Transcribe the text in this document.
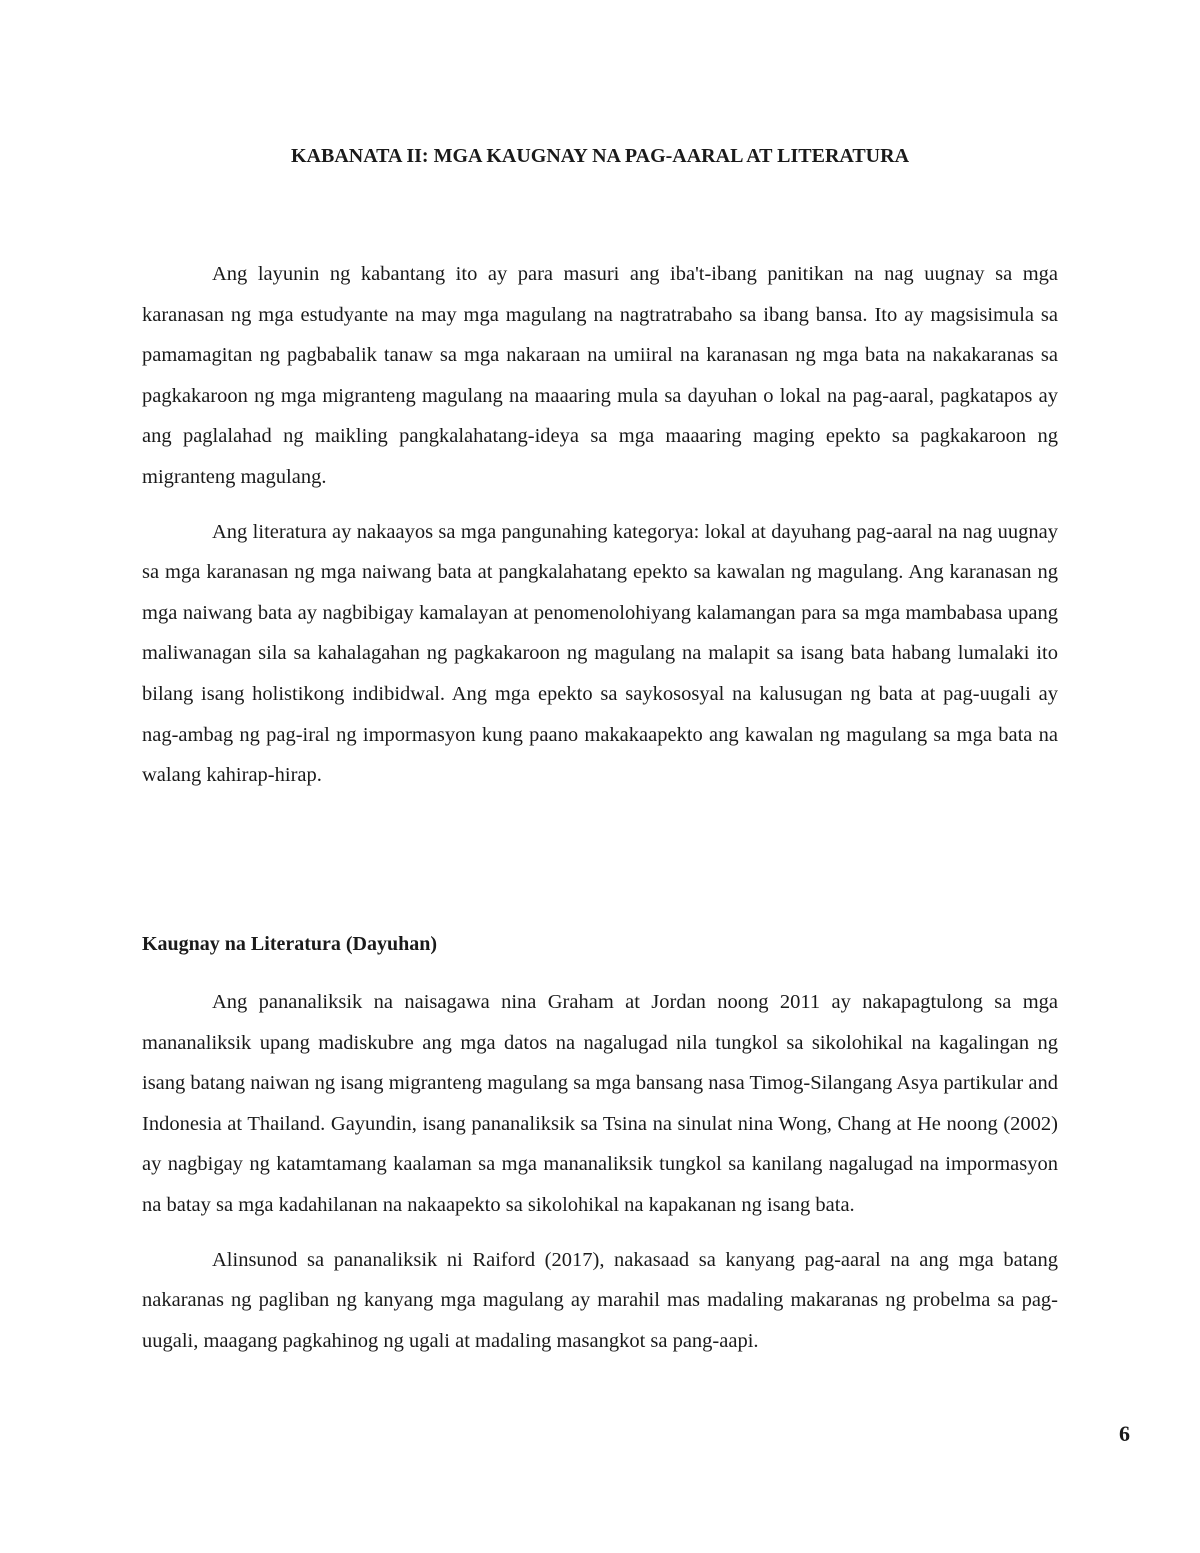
KABANATA II: MGA KAUGNAY NA PAG-AARAL AT LITERATURA

Ang layunin ng kabantang ito ay para masuri ang iba't-ibang panitikan na nag uugnay sa mga karanasan ng mga estudyante na may mga magulang na nagtratrabaho sa ibang bansa. Ito ay magsisimula sa pamamagitan ng pagbabalik tanaw sa mga nakaraan na umiiral na karanasan ng mga bata na nakakaranas sa pagkakaroon ng mga migranteng magulang na maaaring mula sa dayuhan o lokal na pag-aaral, pagkatapos ay ang paglalahad ng maikling pangkalahatang-ideya sa mga maaaring maging epekto sa pagkakaroon ng migranteng magulang.

Ang literatura ay nakaayos sa mga pangunahing kategorya: lokal at dayuhang pag-aaral na nag uugnay sa mga karanasan ng mga naiwang bata at pangkalahatang epekto sa kawalan ng magulang. Ang karanasan ng mga naiwang bata ay nagbibigay kamalayan at penomenolohiyang kalamangan para sa mga mambabasa upang maliwanagan sila sa kahalagahan ng pagkakaroon ng magulang na malapit sa isang bata habang lumalaki ito bilang isang holistikong indibidwal. Ang mga epekto sa saykososyal na kalusugan ng bata at pag-uugali ay nag-ambag ng pag-iral ng impormasyon kung paano makakaapekto ang kawalan ng magulang sa mga bata na walang kahirap-hirap.

Kaugnay na Literatura (Dayuhan)

Ang pananaliksik na naisagawa nina Graham at Jordan noong 2011 ay nakapagtulong sa mga mananaliksik upang madiskubre ang mga datos na nagalugad nila tungkol sa sikolohikal na kagalingan ng isang batang naiwan ng isang migranteng magulang sa mga bansang nasa Timog-Silangang Asya partikular and Indonesia at Thailand. Gayundin, isang pananaliksik sa Tsina na sinulat nina Wong, Chang at He noong (2002) ay nagbigay ng katamtamang kaalaman sa mga mananaliksik tungkol sa kanilang nagalugad na impormasyon na batay sa mga kadahilanan na nakaapekto sa sikolohikal na kapakanan ng isang bata.

Alinsunod sa pananaliksik ni Raiford (2017), nakasaad sa kanyang pag-aaral na ang mga batang nakaranas ng pagliban ng kanyang mga magulang ay marahil mas madaling makaranas ng probelma sa pag-uugali, maagang pagkahinog ng ugali at madaling masangkot sa pang-aapi.

6
